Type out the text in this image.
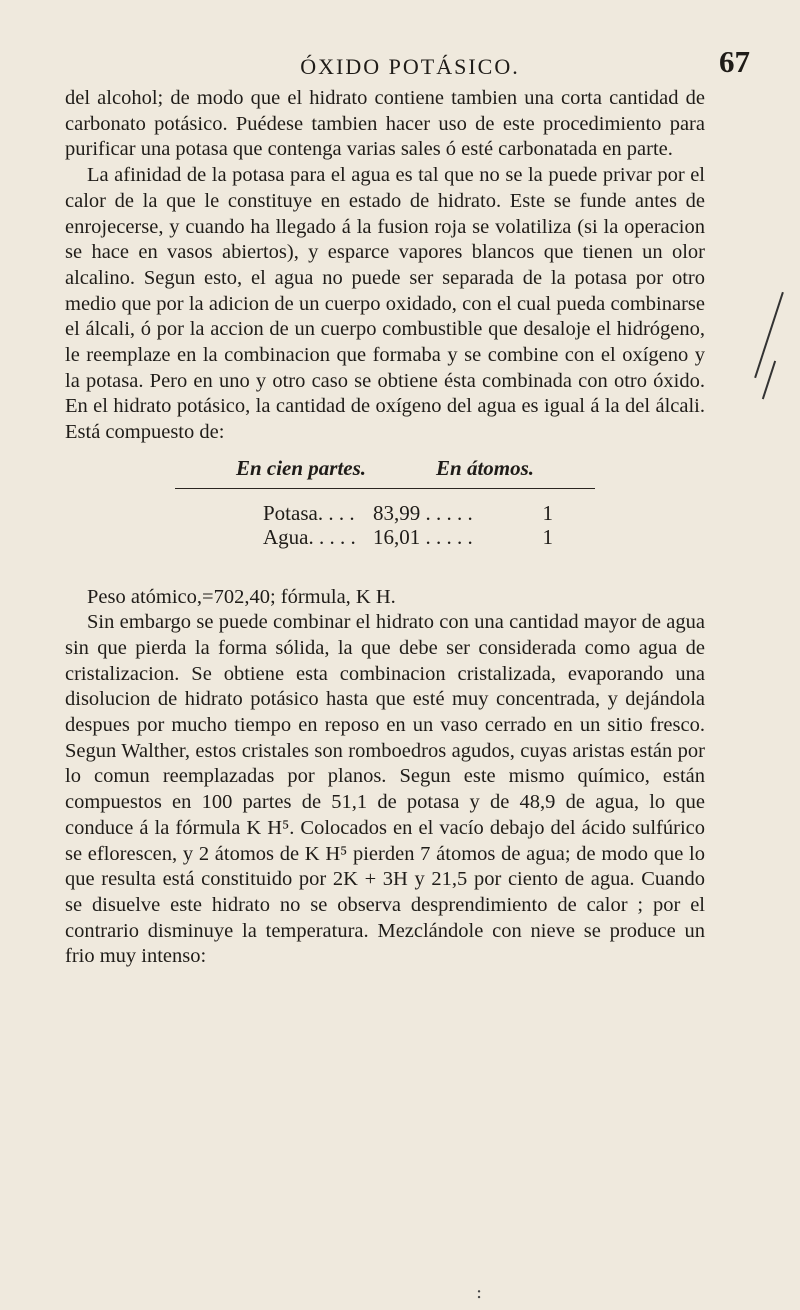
ÓXIDO POTÁSICO.	67

del alcohol; de modo que el hidrato contiene tambien una corta cantidad de carbonato potásico. Puédese tambien hacer uso de este procedimiento para purificar una potasa que contenga varias sales ó esté carbonatada en parte.

La afinidad de la potasa para el agua es tal que no se la puede privar por el calor de la que le constituye en estado de hidrato. Este se funde antes de enrojecerse, y cuando ha llegado á la fusion roja se volatiliza (si la operacion se hace en vasos abiertos), y esparce vapores blancos que tienen un olor alcalino. Segun esto, el agua no puede ser separada de la potasa por otro medio que por la adicion de un cuerpo oxidado, con el cual pueda combinarse el álcali, ó por la accion de un cuerpo combustible que desaloje el hidrógeno, le reemplaze en la combinacion que formaba y se combine con el oxígeno y la potasa. Pero en uno y otro caso se obtiene ésta combinada con otro óxido. En el hidrato potásico, la cantidad de oxígeno del agua es igual á la del álcali. Está compuesto de:

En cien partes.	En átomos.
Potasa. . . . 83,99 . . . . .	1
Agua. . . . . 16,01 . . . . .	1

Peso atómico,=702,40; fórmula, K H.

Sin embargo se puede combinar el hidrato con una cantidad mayor de agua sin que pierda la forma sólida, la que debe ser considerada como agua de cristalizacion. Se obtiene esta combinacion cristalizada, evaporando una disolucion de hidrato potásico hasta que esté muy concentrada, y dejándola despues por mucho tiempo en reposo en un vaso cerrado en un sitio fresco. Segun Walther, estos cristales son romboedros agudos, cuyas aristas están por lo comun reemplazadas por planos. Segun este mismo químico, están compuestos en 100 partes de 51,1 de potasa y de 48,9 de agua, lo que conduce á la fórmula K H⁵. Colocados en el vacío debajo del ácido sulfúrico se eflorescen, y 2 átomos de K H⁵ pierden 7 átomos de agua; de modo que lo que resulta está constituido por 2K + 3H y 21,5 por ciento de agua. Cuando se disuelve este hidrato no se observa desprendimiento de calor ; por el contrario disminuye la temperatura. Mezclándole con nieve se produce un frio muy intenso:

:
